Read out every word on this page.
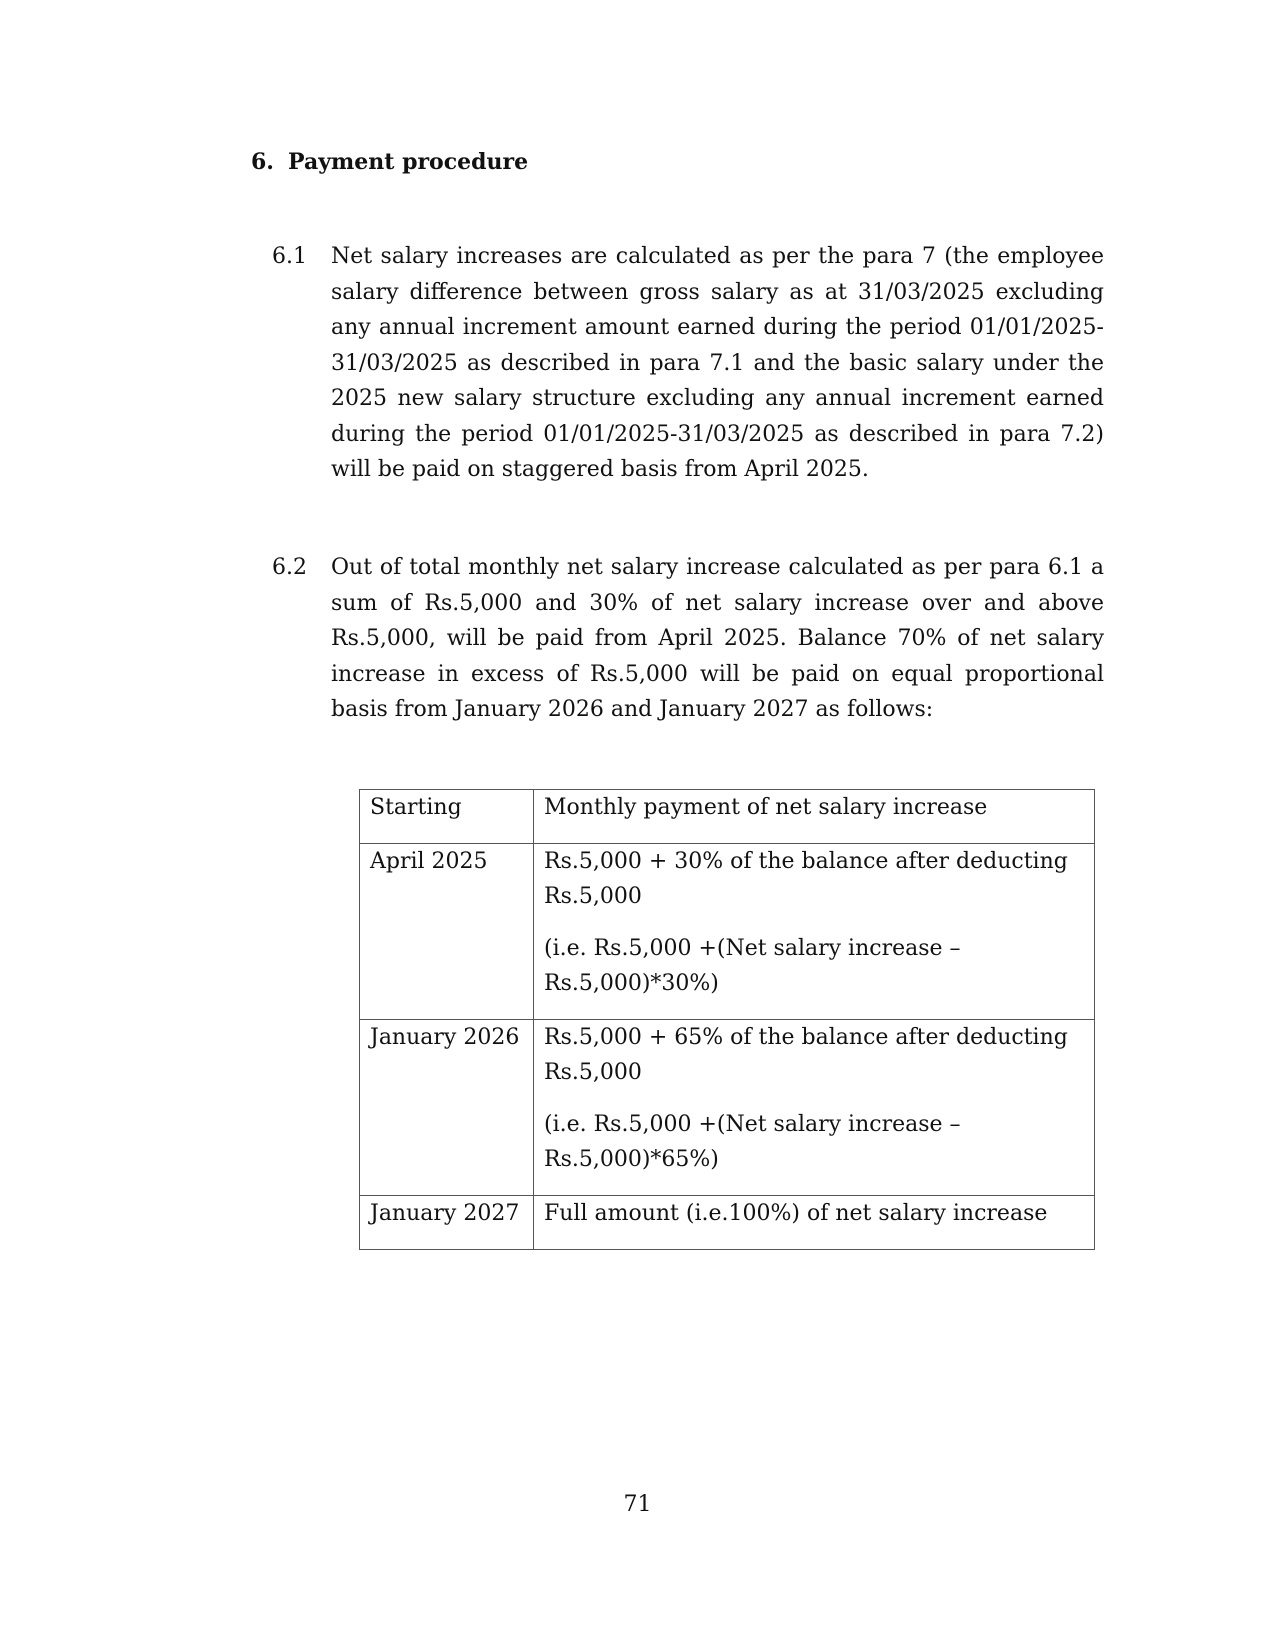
6. Payment procedure
6.1 Net salary increases are calculated as per the para 7 (the employee salary difference between gross salary as at 31/03/2025 excluding any annual increment amount earned during the period 01/01/2025-31/03/2025 as described in para 7.1 and the basic salary under the 2025 new salary structure excluding any annual increment earned during the period 01/01/2025-31/03/2025 as described in para 7.2) will be paid on staggered basis from April 2025.
6.2 Out of total monthly net salary increase calculated as per para 6.1 a sum of Rs.5,000 and 30% of net salary increase over and above Rs.5,000, will be paid from April 2025. Balance 70% of net salary increase in excess of Rs.5,000 will be paid on equal proportional basis from January 2026 and January 2027 as follows:
Starting	Monthly payment of net salary increase
April 2025	Rs.5,000 + 30% of the balance after deducting Rs.5,000
(i.e. Rs.5,000 +(Net salary increase – Rs.5,000)*30%)

January 2026	Rs.5,000 + 65% of the balance after deducting Rs.5,000
(i.e. Rs.5,000 +(Net salary increase – Rs.5,000)*65%)

January 2027	Full amount (i.e.100%) of net salary increase
71
